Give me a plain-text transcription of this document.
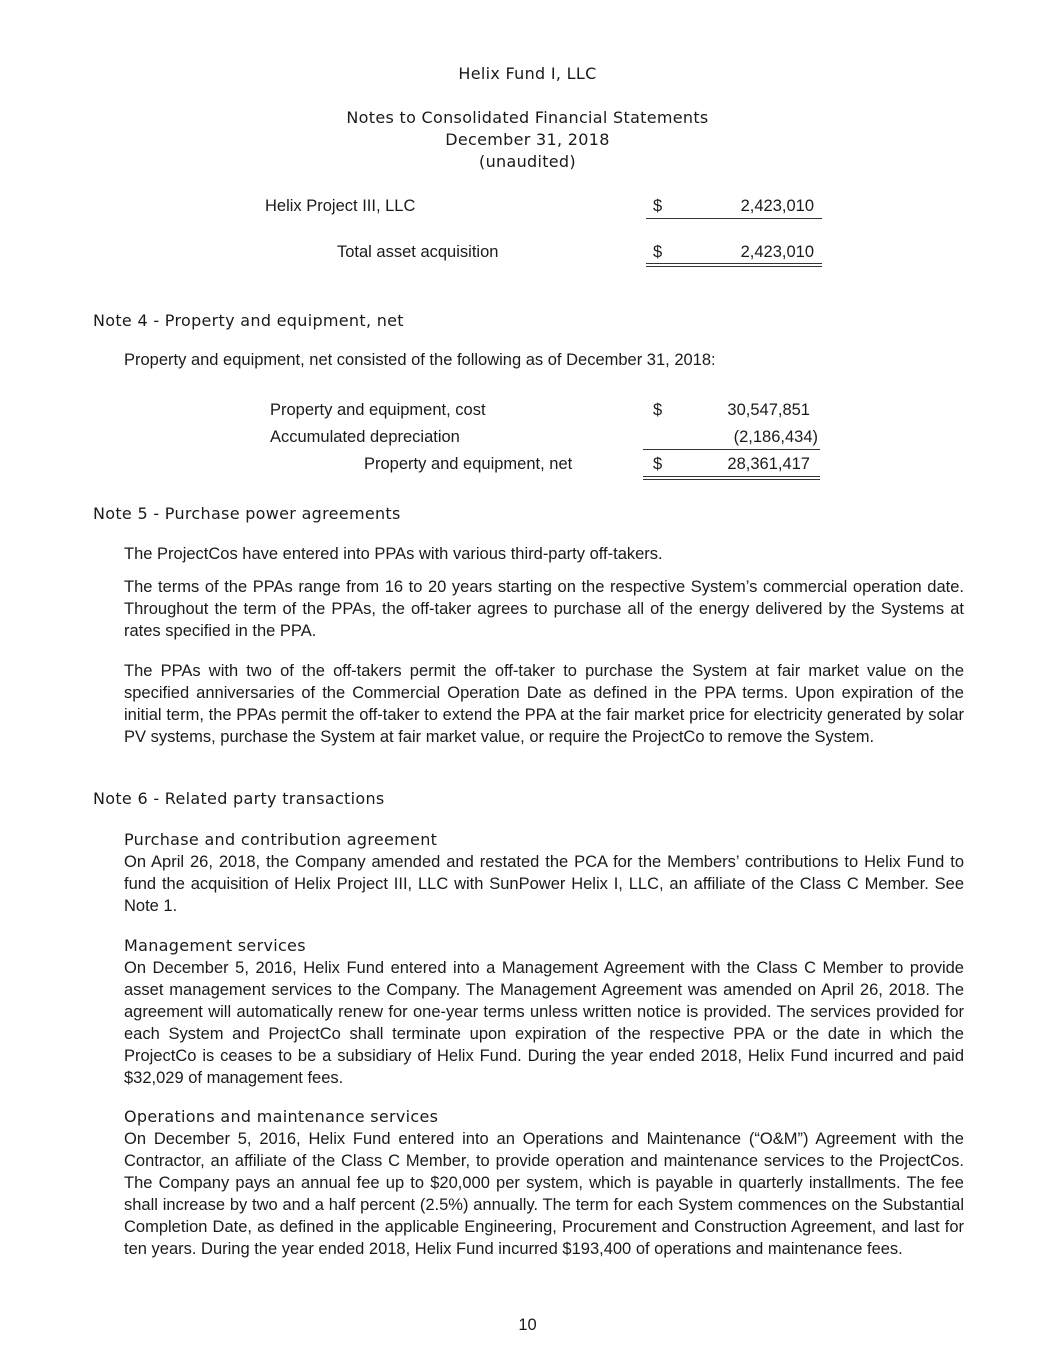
Helix Fund I, LLC
Notes to Consolidated Financial Statements
December 31, 2018
(unaudited)
Helix Project III, LLC	$	2,423,010
Total asset acquisition	$	2,423,010
Note 4 - Property and equipment, net
Property and equipment, net consisted of the following as of December 31, 2018:
Property and equipment, cost	$	30,547,851
Accumulated depreciation	(2,186,434)
Property and equipment, net	$	28,361,417
Note 5 - Purchase power agreements
The ProjectCos have entered into PPAs with various third-party off-takers.
The terms of the PPAs range from 16 to 20 years starting on the respective System’s commercial operation date. Throughout the term of the PPAs, the off-taker agrees to purchase all of the energy delivered by the Systems at rates specified in the PPA.
The PPAs with two of the off-takers permit the off-taker to purchase the System at fair market value on the specified anniversaries of the Commercial Operation Date as defined in the PPA terms. Upon expiration of the initial term, the PPAs permit the off-taker to extend the PPA at the fair market price for electricity generated by solar PV systems, purchase the System at fair market value, or require the ProjectCo to remove the System.
Note 6 - Related party transactions
Purchase and contribution agreement
On April 26, 2018, the Company amended and restated the PCA for the Members’ contributions to Helix Fund to fund the acquisition of Helix Project III, LLC with SunPower Helix I, LLC, an affiliate of the Class C Member. See Note 1.
Management services
On December 5, 2016, Helix Fund entered into a Management Agreement with the Class C Member to provide asset management services to the Company. The Management Agreement was amended on April 26, 2018. The agreement will automatically renew for one-year terms unless written notice is provided. The services provided for each System and ProjectCo shall terminate upon expiration of the respective PPA or the date in which the ProjectCo is ceases to be a subsidiary of Helix Fund. During the year ended 2018, Helix Fund incurred and paid $32,029 of management fees.
Operations and maintenance services
On December 5, 2016, Helix Fund entered into an Operations and Maintenance (“O&M”) Agreement with the Contractor, an affiliate of the Class C Member, to provide operation and maintenance services to the ProjectCos. The Company pays an annual fee up to $20,000 per system, which is payable in quarterly installments. The fee shall increase by two and a half percent (2.5%) annually. The term for each System commences on the Substantial Completion Date, as defined in the applicable Engineering, Procurement and Construction Agreement, and last for ten years. During the year ended 2018, Helix Fund incurred $193,400 of operations and maintenance fees.
10
